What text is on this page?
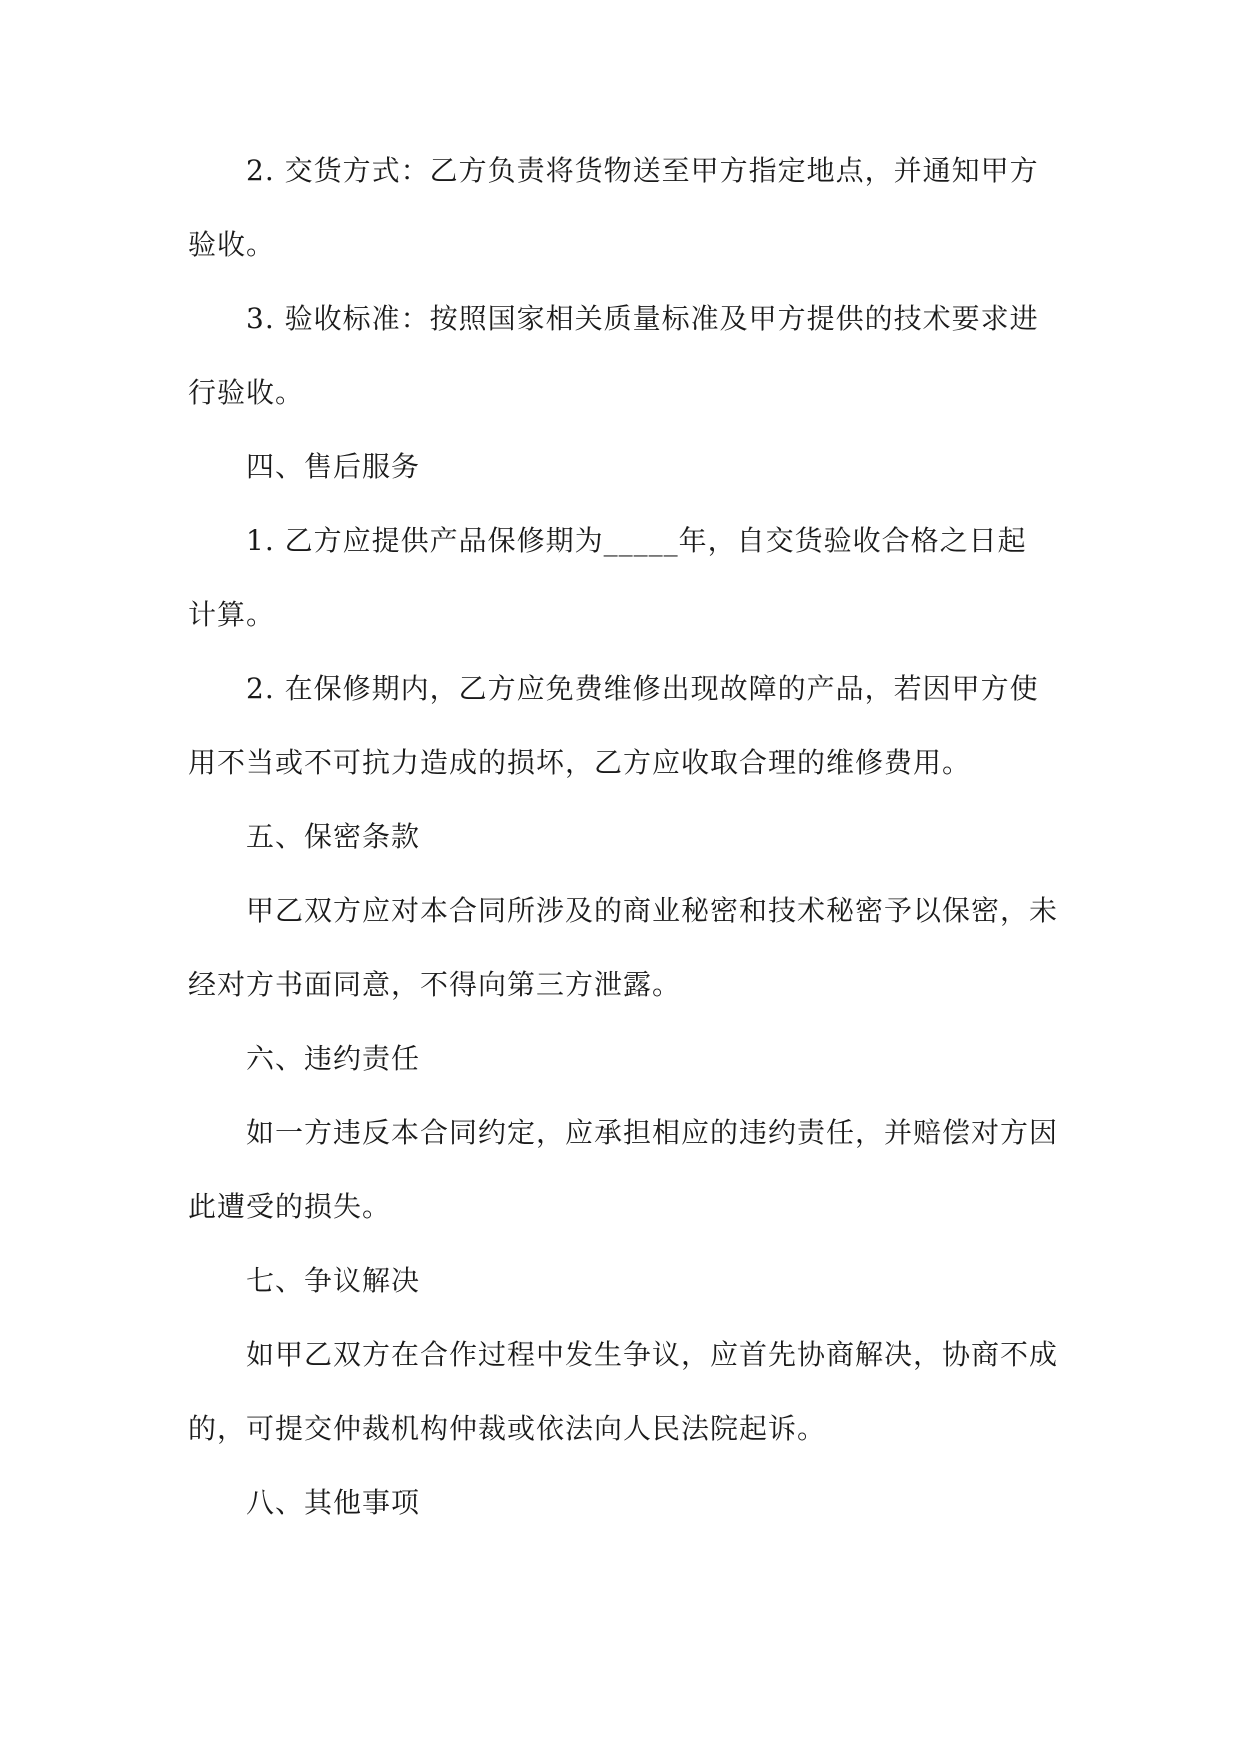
2. 交货方式：乙方负责将货物送至甲方指定地点，并通知甲方

验收。

3. 验收标准：按照国家相关质量标准及甲方提供的技术要求进

行验收。

四、售后服务

1. 乙方应提供产品保修期为_____年，自交货验收合格之日起

计算。

2. 在保修期内，乙方应免费维修出现故障的产品，若因甲方使

用不当或不可抗力造成的损坏，乙方应收取合理的维修费用。

五、保密条款

甲乙双方应对本合同所涉及的商业秘密和技术秘密予以保密，未

经对方书面同意，不得向第三方泄露。

六、违约责任

如一方违反本合同约定，应承担相应的违约责任，并赔偿对方因

此遭受的损失。

七、争议解决

如甲乙双方在合作过程中发生争议，应首先协商解决，协商不成

的，可提交仲裁机构仲裁或依法向人民法院起诉。

八、其他事项
